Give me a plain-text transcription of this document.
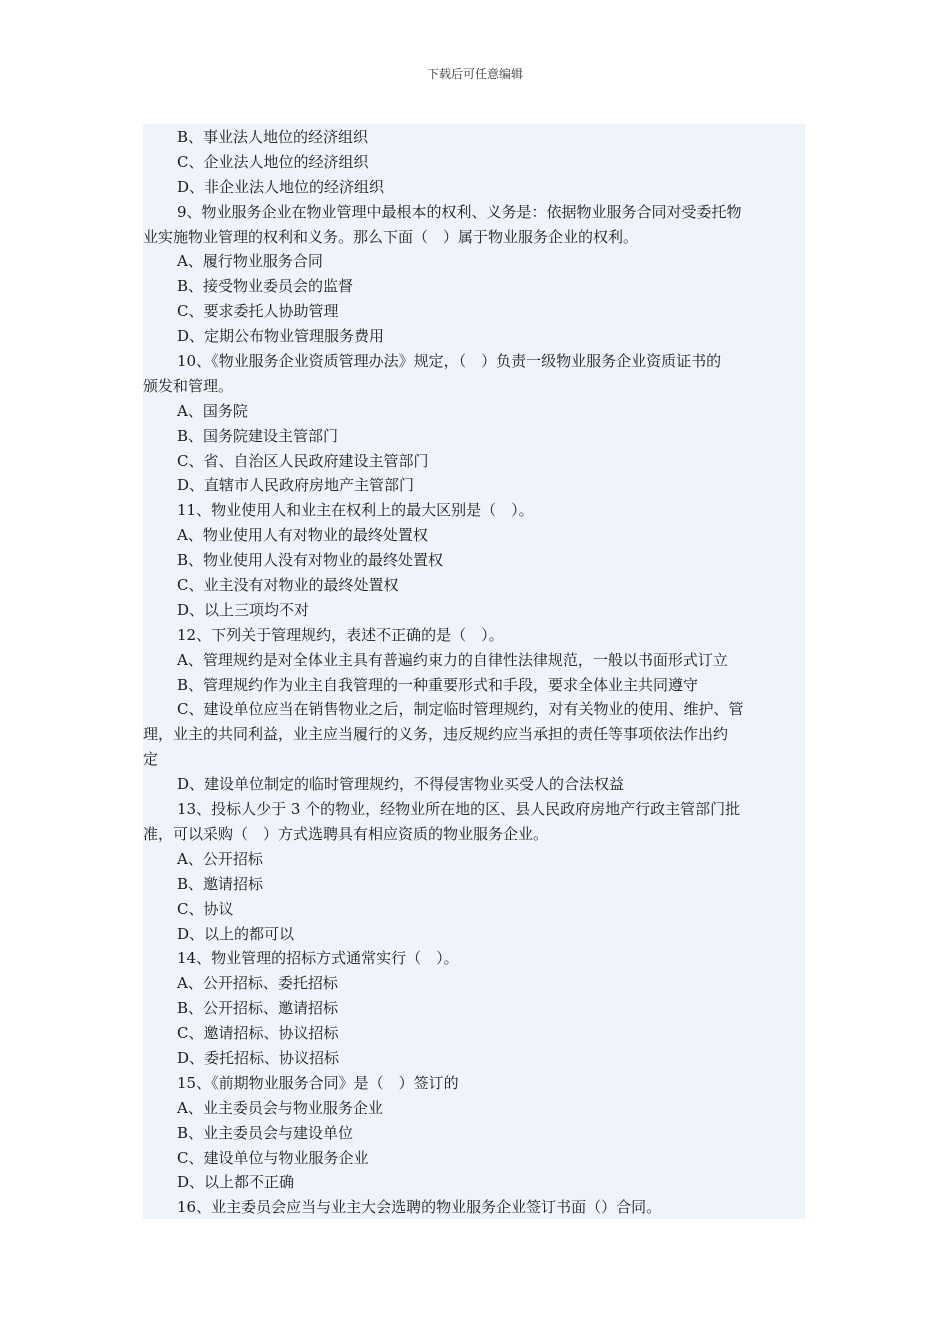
下载后可任意编辑
B、事业法人地位的经济组织
C、企业法人地位的经济组织
D、非企业法人地位的经济组织
9、物业服务企业在物业管理中最根本的权利、义务是：依据物业服务合同对受委托物
业实施物业管理的权利和义务。那么下面（　）属于物业服务企业的权利。
A、履行物业服务合同
B、接受物业委员会的监督
C、要求委托人协助管理
D、定期公布物业管理服务费用
10、《物业服务企业资质管理办法》规定，（　）负责一级物业服务企业资质证书的
颁发和管理。
A、国务院
B、国务院建设主管部门
C、省、自治区人民政府建设主管部门
D、直辖市人民政府房地产主管部门
11、物业使用人和业主在权利上的最大区别是（　）。
A、物业使用人有对物业的最终处置权
B、物业使用人没有对物业的最终处置权
C、业主没有对物业的最终处置权
D、以上三项均不对
12、下列关于管理规约，表述不正确的是（　）。
A、管理规约是对全体业主具有普遍约束力的自律性法律规范，一般以书面形式订立
B、管理规约作为业主自我管理的一种重要形式和手段，要求全体业主共同遵守
C、建设单位应当在销售物业之后，制定临时管理规约，对有关物业的使用、维护、管
理，业主的共同利益，业主应当履行的义务，违反规约应当承担的责任等事项依法作出约
定
D、建设单位制定的临时管理规约，不得侵害物业买受人的合法权益
13、投标人少于 3 个的物业，经物业所在地的区、县人民政府房地产行政主管部门批
准，可以采购（　）方式选聘具有相应资质的物业服务企业。
A、公开招标
B、邀请招标
C、协议
D、以上的都可以
14、物业管理的招标方式通常实行（　）。
A、公开招标、委托招标
B、公开招标、邀请招标
C、邀请招标、协议招标
D、委托招标、协议招标
15、《前期物业服务合同》是（　）签订的
A、业主委员会与物业服务企业
B、业主委员会与建设单位
C、建设单位与物业服务企业
D、以上都不正确
16、业主委员会应当与业主大会选聘的物业服务企业签订书面（）合同。
